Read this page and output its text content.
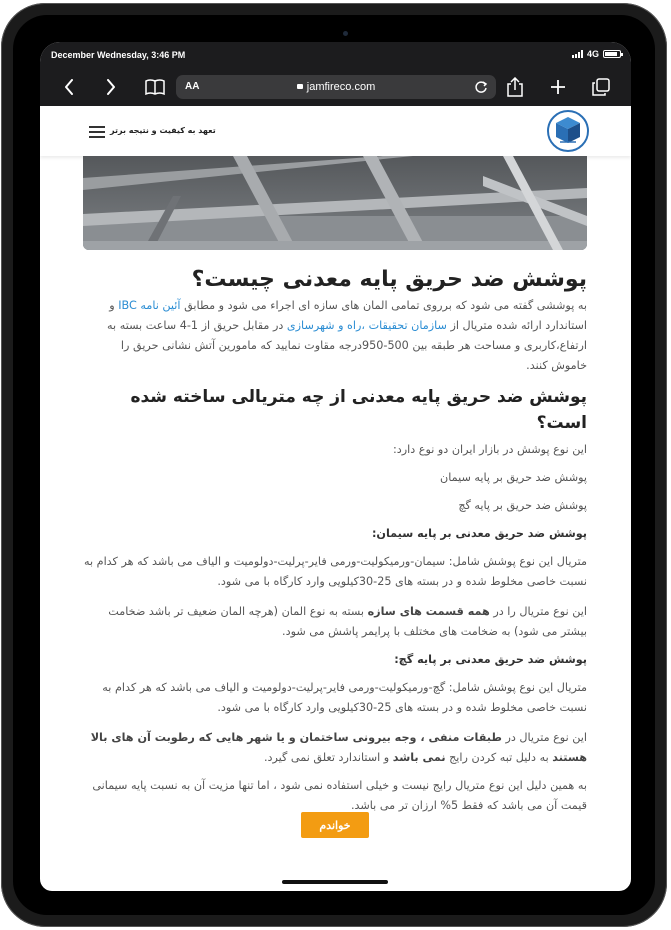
December Wednesday, 3:46 PM	4G
AA	jamfireco.com
تعهد به کیفیت و نتیجه برتر
پوشش ضد حریق پایه معدنی چیست؟

به پوششی گفته می شود که برروی تمامی المان های سازه ای اجراء می شود و مطابق آئین نامه IBC و استاندارد ارائه شده متریال از سازمان تحقیقات ،راه و شهرسازی در مقابل حریق از 1-4 ساعت بسته به ارتفاع،کاربری و مساحت هر طبقه بین 500-950درجه مقاوت نمایید که مامورین آتش نشانی حریق را خاموش کنند.

پوشش ضد حریق پایه معدنی از چه متریالی ساخته شده است؟

این نوع پوشش در بازار ایران دو نوع دارد:

پوشش ضد حریق بر پایه سیمان

پوشش ضد حریق بر پایه گچ

پوشش ضد حریق معدنی بر پایه سیمان:

متریال این نوع پوشش شامل: سیمان-ورمیکولیت-ورمی فایر-پرلیت-دولومیت و الیاف می باشد که هر کدام به نسبت خاصی مخلوط شده و در بسته های 25-30کیلویی وارد کارگاه با می شود.

این نوع متریال را در همه قسمت های سازه بسته به نوع المان (هرچه المان ضعیف تر باشد ضخامت بیشتر می شود) به ضخامت های مختلف با پرایمر پاشش می شود.

پوشش ضد حریق معدنی بر پایه گچ:

متریال این نوع پوشش شامل: گچ-ورمیکولیت-ورمی فایر-پرلیت-دولومیت و الیاف می باشد که هر کدام به نسبت خاصی مخلوط شده و در بسته های 25-30کیلویی وارد کارگاه با می شود.

این نوع متریال در طبقات منفی ، وجه بیرونی ساختمان و یا شهر هایی که رطوبت آن های بالا هستند به دلیل تبه کردن رایج نمی باشد و استاندارد تعلق نمی گیرد.

به همین دلیل این نوع متریال رایج نیست و خیلی استفاده نمی شود ، اما تنها مزیت آن به نسبت پایه سیمانی قیمت آن می باشد که فقط 5% ارزان تر می باشد.

خواندم
